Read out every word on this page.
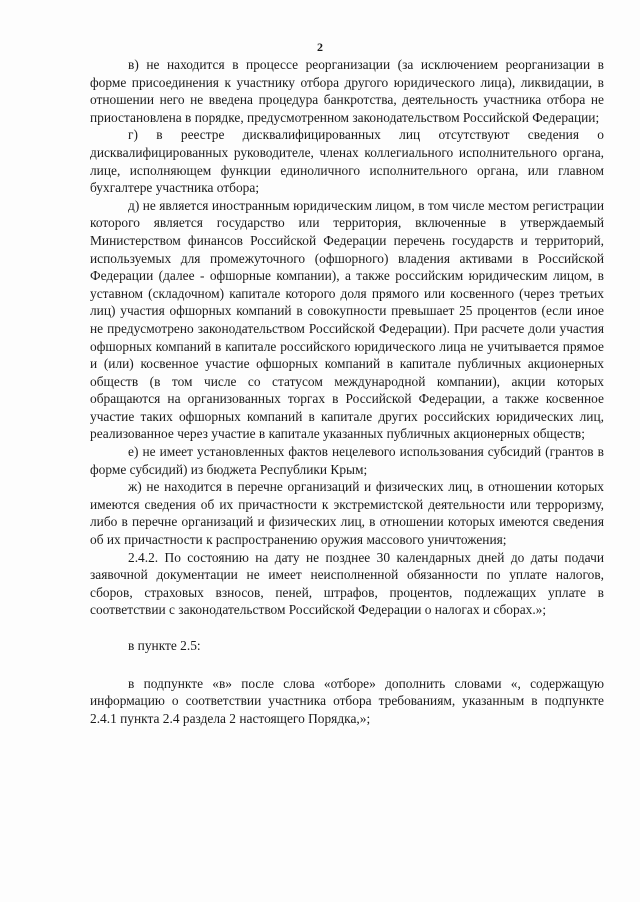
2

в) не находится в процессе реорганизации (за исключением реорганизации в форме присоединения к участнику отбора другого юридического лица), ликвидации, в отношении него не введена процедура банкротства, деятельность участника отбора не приостановлена в порядке, предусмотренном законодательством Российской Федерации;

г) в реестре дисквалифицированных лиц отсутствуют сведения о дисквалифицированных руководителе, членах коллегиального исполнительного органа, лице, исполняющем функции единоличного исполнительного органа, или главном бухгалтере участника отбора;

д) не является иностранным юридическим лицом, в том числе местом регистрации которого является государство или территория, включенные в утверждаемый Министерством финансов Российской Федерации перечень государств и территорий, используемых для промежуточного (офшорного) владения активами в Российской Федерации (далее - офшорные компании), а также российским юридическим лицом, в уставном (складочном) капитале которого доля прямого или косвенного (через третьих лиц) участия офшорных компаний в совокупности превышает 25 процентов (если иное не предусмотрено законодательством Российской Федерации). При расчете доли участия офшорных компаний в капитале российского юридического лица не учитывается прямое и (или) косвенное участие офшорных компаний в капитале публичных акционерных обществ (в том числе со статусом международной компании), акции которых обращаются на организованных торгах в Российской Федерации, а также косвенное участие таких офшорных компаний в капитале других российских юридических лиц, реализованное через участие в капитале указанных публичных акционерных обществ;

е) не имеет установленных фактов нецелевого использования субсидий (грантов в форме субсидий) из бюджета Республики Крым;

ж) не находится в перечне организаций и физических лиц, в отношении которых имеются сведения об их причастности к экстремистской деятельности или терроризму, либо в перечне организаций и физических лиц, в отношении которых имеются сведения об их причастности к распространению оружия массового уничтожения;

2.4.2. По состоянию на дату не позднее 30 календарных дней до даты подачи заявочной документации не имеет неисполненной обязанности по уплате налогов, сборов, страховых взносов, пеней, штрафов, процентов, подлежащих уплате в соответствии с законодательством Российской Федерации о налогах и сборах.»;

в пункте 2.5:

в подпункте «в» после слова «отборе» дополнить словами «, содержащую информацию о соответствии участника отбора требованиям, указанным в подпункте 2.4.1 пункта 2.4 раздела 2 настоящего Порядка,»;
